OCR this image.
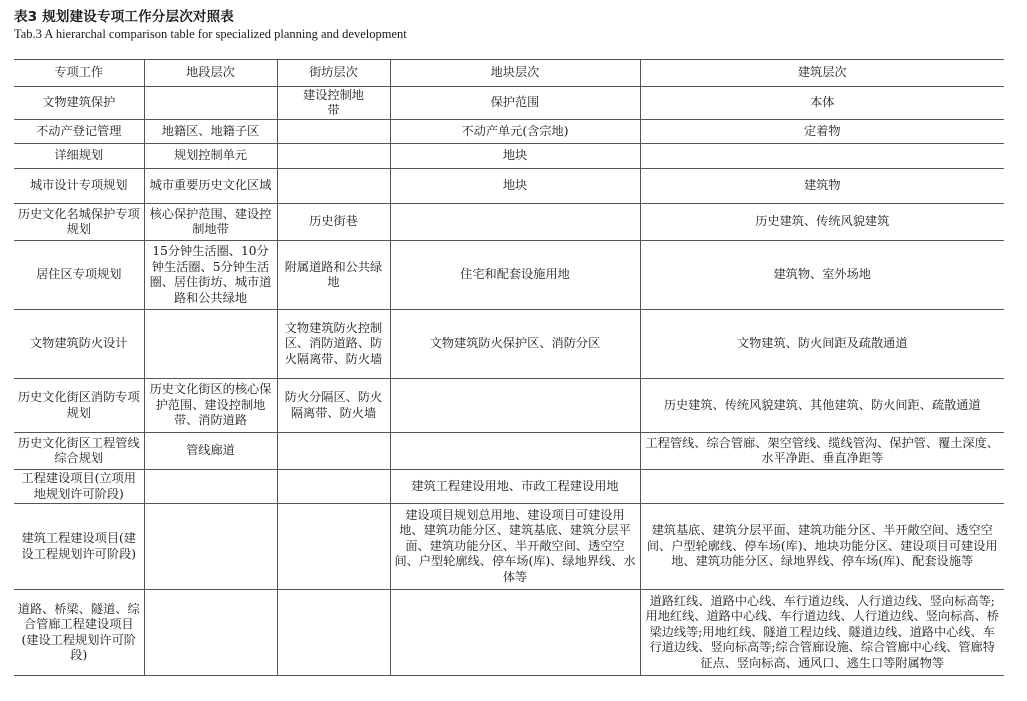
表3 规划建设专项工作分层次对照表
Tab.3 A hierarchal comparison table for specialized planning and development
专项工作	地段层次	街坊层次	地块层次	建筑层次
文物建筑保护		建设控制地带	保护范围	本体
不动产登记管理	地籍区、地籍子区		不动产单元(含宗地)	定着物
详细规划	规划控制单元		地块	
城市设计专项规划	城市重要历史文化区域		地块	建筑物
历史文化名城保护专项规划	核心保护范围、建设控制地带	历史街巷		历史建筑、传统风貌建筑
居住区专项规划	15分钟生活圈、10分钟生活圈、5分钟生活圈、居住街坊、城市道路和公共绿地	附属道路和公共绿地	住宅和配套设施用地	建筑物、室外场地
文物建筑防火设计		文物建筑防火控制区、消防道路、防火隔离带、防火墙	文物建筑防火保护区、消防分区	文物建筑、防火间距及疏散通道
历史文化街区消防专项规划	历史文化街区的核心保护范围、建设控制地带、消防道路	防火分隔区、防火隔离带、防火墙		历史建筑、传统风貌建筑、其他建筑、防火间距、疏散通道
历史文化街区工程管线综合规划	管线廊道			工程管线、综合管廊、架空管线、缆线管沟、保护管、覆土深度、水平净距、垂直净距等
工程建设项目(立项用地规划许可阶段)			建筑工程建设用地、市政工程建设用地	
建筑工程建设项目(建设工程规划许可阶段)			建设项目规划总用地、建设项目可建设用地、建筑功能分区、建筑基底、建筑分层平面、建筑功能分区、半开敞空间、透空空间、户型轮廓线、停车场(库)、绿地界线、水体等	建筑基底、建筑分层平面、建筑功能分区、半开敞空间、透空空间、户型轮廓线、停车场(库)、地块功能分区、建设项目可建设用地、建筑功能分区、绿地界线、停车场(库)、配套设施等
道路、桥梁、隧道、综合管廊工程建设项目(建设工程规划许可阶段)				道路红线、道路中心线、车行道边线、人行道边线、竖向标高等;用地红线、道路中心线、车行道边线、人行道边线、竖向标高、桥梁边线等;用地红线、隧道工程边线、隧道边线、道路中心线、车行道边线、竖向标高等;综合管廊设施、综合管廊中心线、管廊特征点、竖向标高、通风口、逃生口等附属物等
